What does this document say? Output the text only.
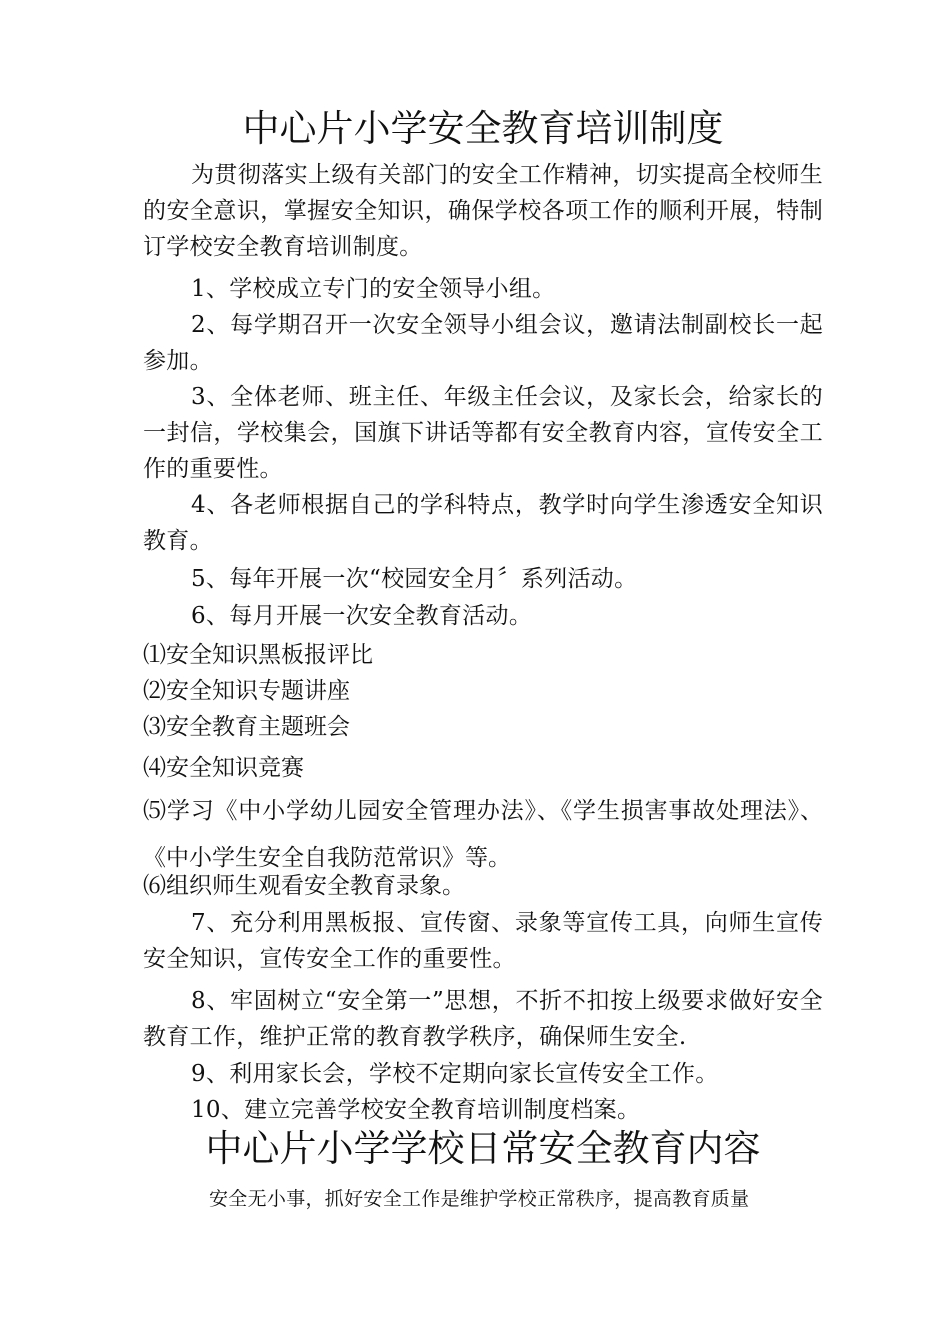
中心片小学安全教育培训制度
为贯彻落实上级有关部门的安全工作精神，切实提高全校师生的安全意识，掌握安全知识，确保学校各项工作的顺利开展，特制订学校安全教育培训制度。
1、学校成立专门的安全领导小组。
2、每学期召开一次安全领导小组会议，邀请法制副校长一起参加。
3、全体老师、班主任、年级主任会议，及家长会，给家长的一封信，学校集会，国旗下讲话等都有安全教育内容，宣传安全工作的重要性。
4、各老师根据自己的学科特点，教学时向学生渗透安全知识教育。
5、每年开展一次“校园安全月〞系列活动。
6、每月开展一次安全教育活动。
⑴安全知识黑板报评比
⑵安全知识专题讲座
⑶安全教育主题班会
⑷安全知识竞赛
⑸学习《中小学幼儿园安全管理办法》、《学生损害事故处理法》、《中小学生安全自我防范常识》等。
⑹组织师生观看安全教育录象。
7、充分利用黑板报、宣传窗、录象等宣传工具，向师生宣传安全知识，宣传安全工作的重要性。
8、牢固树立“安全第一”思想，不折不扣按上级要求做好安全教育工作，维护正常的教育教学秩序，确保师生安全.
9、利用家长会，学校不定期向家长宣传安全工作。
10、建立完善学校安全教育培训制度档案。
中心片小学学校日常安全教育内容
安全无小事，抓好安全工作是维护学校正常秩序，提高教育质量
